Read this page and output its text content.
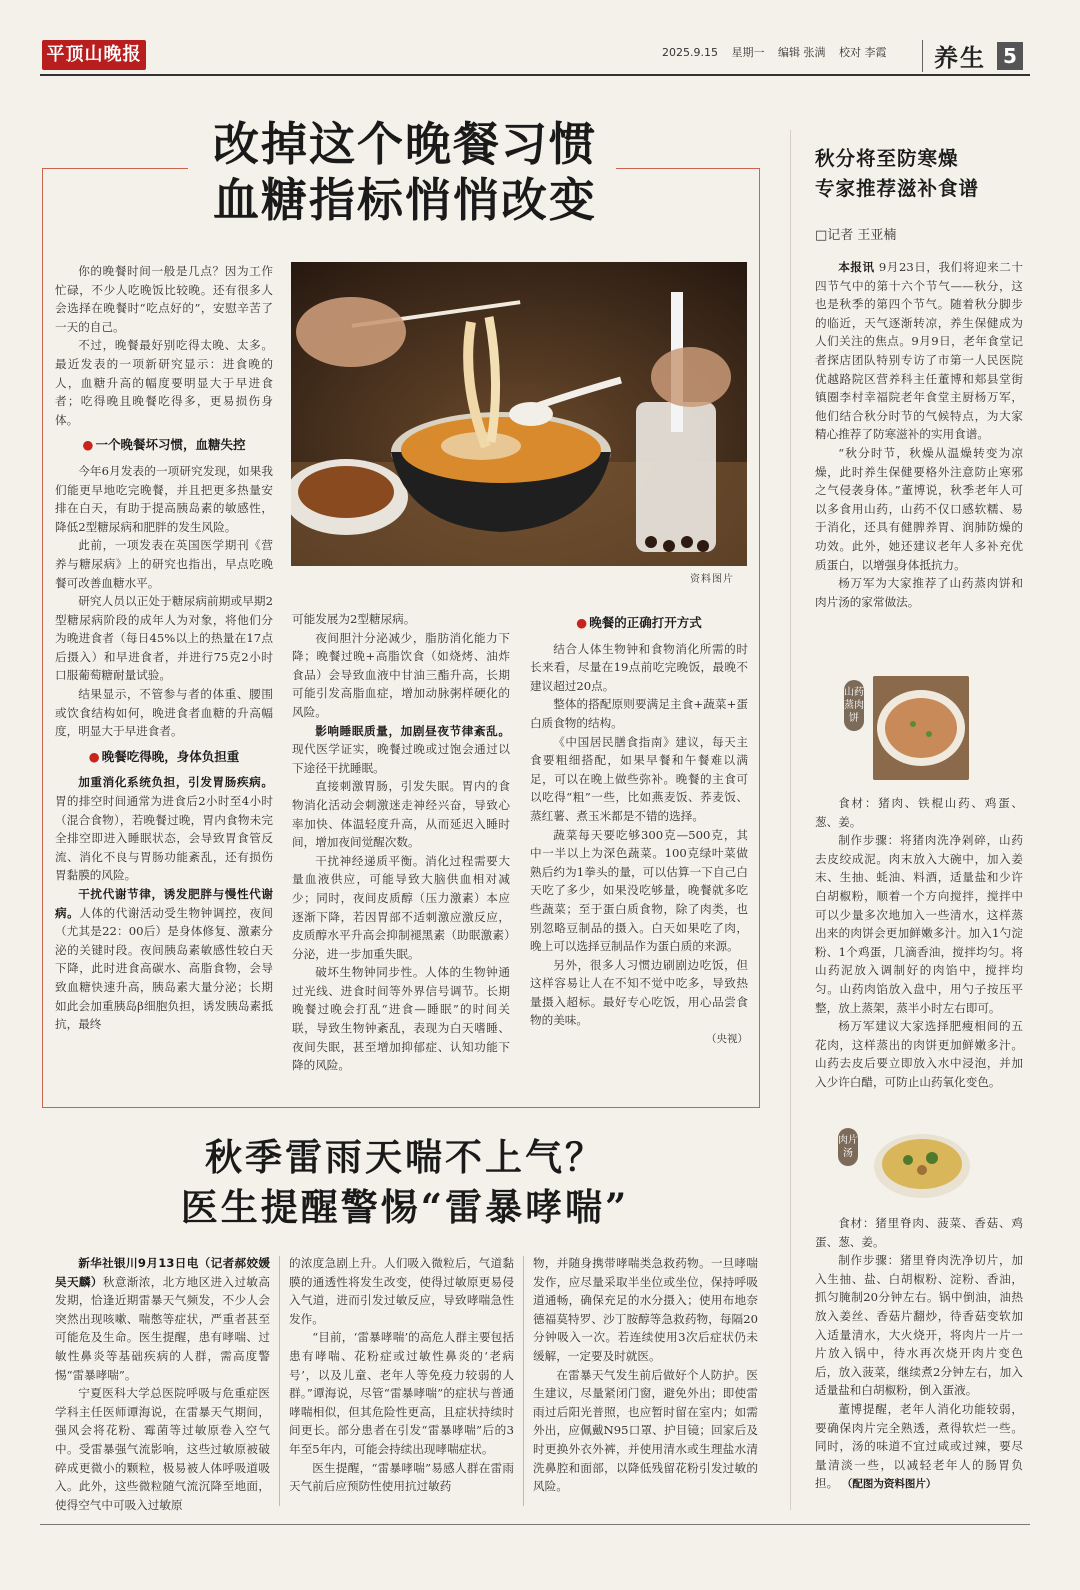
平顶山晚报	2025.9.15 星期一 编辑 张满 校对 李霞	养生 5
改掉这个晚餐习惯
血糖指标悄悄改变
资料图片

你的晚餐时间一般是几点？因为工作忙碌，不少人吃晚饭比较晚。还有很多人会选择在晚餐时“吃点好的”，安慰辛苦了一天的自己。

不过，晚餐最好别吃得太晚、太多。最近发表的一项新研究显示：进食晚的人，血糖升高的幅度要明显大于早进食者；吃得晚且晚餐吃得多，更易损伤身体。

● 一个晚餐坏习惯，血糖失控

今年6月发表的一项研究发现，如果我们能更早地吃完晚餐，并且把更多热量安排在白天，有助于提高胰岛素的敏感性，降低2型糖尿病和肥胖的发生风险。

此前，一项发表在英国医学期刊《营养与糖尿病》上的研究也指出，早点吃晚餐可改善血糖水平。

研究人员以正处于糖尿病前期或早期2型糖尿病阶段的成年人为对象，将他们分为晚进食者（每日45%以上的热量在17点后摄入）和早进食者，并进行75克2小时口服葡萄糖耐量试验。

结果显示，不管参与者的体重、腰围或饮食结构如何，晚进食者血糖的升高幅度，明显大于早进食者。

● 晚餐吃得晚，身体负担重

加重消化系统负担，引发胃肠疾病。胃的排空时间通常为进食后2小时至4小时（混合食物），若晚餐过晚，胃内食物未完全排空即进入睡眠状态，会导致胃食管反流、消化不良与胃肠功能紊乱，还有损伤胃黏膜的风险。

干扰代谢节律，诱发肥胖与慢性代谢病。人体的代谢活动受生物钟调控，夜间（尤其是22：00后）是身体修复、激素分泌的关键时段。夜间胰岛素敏感性较白天下降，此时进食高碳水、高脂食物，会导致血糖快速升高，胰岛素大量分泌；长期如此会加重胰岛β细胞负担，诱发胰岛素抵抗，最终

可能发展为2型糖尿病。

夜间胆汁分泌减少，脂肪消化能力下降；晚餐过晚+高脂饮食（如烧烤、油炸食品）会导致血液中甘油三酯升高，长期可能引发高脂血症，增加动脉粥样硬化的风险。

影响睡眠质量，加剧昼夜节律紊乱。现代医学证实，晚餐过晚或过饱会通过以下途径干扰睡眠。

直接刺激胃肠，引发失眠。胃内的食物消化活动会刺激迷走神经兴奋，导致心率加快、体温轻度升高，从而延迟入睡时间，增加夜间觉醒次数。

干扰神经递质平衡。消化过程需要大量血液供应，可能导致大脑供血相对减少；同时，夜间皮质醇（压力激素）本应逐渐下降，若因胃部不适刺激应激反应，皮质醇水平升高会抑制褪黑素（助眠激素）分泌，进一步加重失眠。

破坏生物钟同步性。人体的生物钟通过光线、进食时间等外界信号调节。长期晚餐过晚会打乱“进食—睡眠”的时间关联，导致生物钟紊乱，表现为白天嗜睡、夜间失眠，甚至增加抑郁症、认知功能下降的风险。

● 晚餐的正确打开方式

结合人体生物钟和食物消化所需的时长来看，尽量在19点前吃完晚饭，最晚不建议超过20点。

整体的搭配原则要满足主食+蔬菜+蛋白质食物的结构。

《中国居民膳食指南》建议，每天主食要粗细搭配，如果早餐和午餐难以满足，可以在晚上做些弥补。晚餐的主食可以吃得“粗”一些，比如燕麦饭、荞麦饭、蒸红薯、煮玉米都是不错的选择。

蔬菜每天要吃够300克—500克，其中一半以上为深色蔬菜。100克绿叶菜做熟后约为1拳头的量，可以估算一下自己白天吃了多少，如果没吃够量，晚餐就多吃些蔬菜；至于蛋白质食物，除了肉类，也别忽略豆制品的摄入。白天如果吃了肉，晚上可以选择豆制品作为蛋白质的来源。

另外，很多人习惯边刷剧边吃饭，但这样容易让人在不知不觉中吃多，导致热量摄入超标。最好专心吃饭，用心品尝食物的美味。

（央视）
秋分将至防寒燥
专家推荐滋补食谱
□记者 王亚楠

本报讯 9月23日，我们将迎来二十四节气中的第十六个节气——秋分，这也是秋季的第四个节气。随着秋分脚步的临近，天气逐渐转凉，养生保健成为人们关注的焦点。9月9日，老年食堂记者探店团队特别专访了市第一人民医院优越路院区营养科主任董博和郏县堂街镇圈李村幸福院老年食堂主厨杨万军，他们结合秋分时节的气候特点，为大家精心推荐了防寒滋补的实用食谱。

“秋分时节，秋燥从温燥转变为凉燥，此时养生保健要格外注意防止寒邪之气侵袭身体。”董博说，秋季老年人可以多食用山药，山药不仅口感软糯、易于消化，还具有健脾养胃、润肺防燥的功效。此外，她还建议老年人多补充优质蛋白，以增强身体抵抗力。

杨万军为大家推荐了山药蒸肉饼和肉片汤的家常做法。

山药蒸肉饼

食材：猪肉、铁棍山药、鸡蛋、葱、姜。

制作步骤：将猪肉洗净剁碎，山药去皮绞成泥。肉末放入大碗中，加入姜末、生抽、蚝油、料酒，适量盐和少许白胡椒粉，顺着一个方向搅拌，搅拌中可以少量多次地加入一些清水，这样蒸出来的肉饼会更加鲜嫩多汁。加入1勺淀粉、1个鸡蛋，几滴香油，搅拌均匀。将山药泥放入调制好的肉馅中，搅拌均匀。山药肉馅放入盘中，用勺子按压平整，放上蒸架，蒸半小时左右即可。

杨万军建议大家选择肥瘦相间的五花肉，这样蒸出的肉饼更加鲜嫩多汁。山药去皮后要立即放入水中浸泡，并加入少许白醋，可防止山药氧化变色。

肉片汤

食材：猪里脊肉、菠菜、香菇、鸡蛋、葱、姜。

制作步骤：猪里脊肉洗净切片，加入生抽、盐、白胡椒粉、淀粉、香油，抓匀腌制20分钟左右。锅中倒油，油热放入姜丝、香菇片翻炒，待香菇变软加入适量清水，大火烧开，将肉片一片一片放入锅中，待水再次烧开肉片变色后，放入菠菜，继续煮2分钟左右，加入适量盐和白胡椒粉，倒入蛋液。

董博提醒，老年人消化功能较弱，要确保肉片完全熟透，煮得软烂一些。同时，汤的味道不宜过咸或过辣，要尽量清淡一些，以减轻老年人的肠胃负担。 （配图为资料图片）

秋季雷雨天喘不上气？
医生提醒警惕“雷暴哮喘”

新华社银川9月13日电（记者郝姣媛 吴天麟）秋意渐浓，北方地区进入过敏高发期，恰逢近期雷暴天气频发，不少人会突然出现咳嗽、喘憋等症状，严重者甚至可能危及生命。医生提醒，患有哮喘、过敏性鼻炎等基础疾病的人群，需高度警惕“雷暴哮喘”。

宁夏医科大学总医院呼吸与危重症医学科主任医师谭海说，在雷暴天气期间，强风会将花粉、霉菌等过敏原卷入空气中。受雷暴强气流影响，这些过敏原被破碎成更微小的颗粒，极易被人体呼吸道吸入。此外，这些微粒随气流沉降至地面，使得空气中可吸入过敏原

的浓度急剧上升。人们吸入微粒后，气道黏膜的通透性将发生改变，使得过敏原更易侵入气道，进而引发过敏反应，导致哮喘急性发作。

“目前，‘雷暴哮喘’的高危人群主要包括患有哮喘、花粉症或过敏性鼻炎的‘老病号’，以及儿童、老年人等免疫力较弱的人群。”谭海说，尽管“雷暴哮喘”的症状与普通哮喘相似，但其危险性更高，且症状持续时间更长。部分患者在引发“雷暴哮喘”后的3年至5年内，可能会持续出现哮喘症状。

医生提醒，“雷暴哮喘”易感人群在雷雨天气前后应预防性使用抗过敏药

物，并随身携带哮喘类急救药物。一旦哮喘发作，应尽量采取半坐位或坐位，保持呼吸道通畅，确保充足的水分摄入；使用布地奈德福莫特罗、沙丁胺醇等急救药物，每隔20分钟吸入一次。若连续使用3次后症状仍未缓解，一定要及时就医。

在雷暴天气发生前后做好个人防护。医生建议，尽量紧闭门窗，避免外出；即使雷雨过后阳光普照，也应暂时留在室内；如需外出，应佩戴N95口罩、护目镜；回家后及时更换外衣外裤，并使用清水或生理盐水清洗鼻腔和面部，以降低残留花粉引发过敏的风险。
